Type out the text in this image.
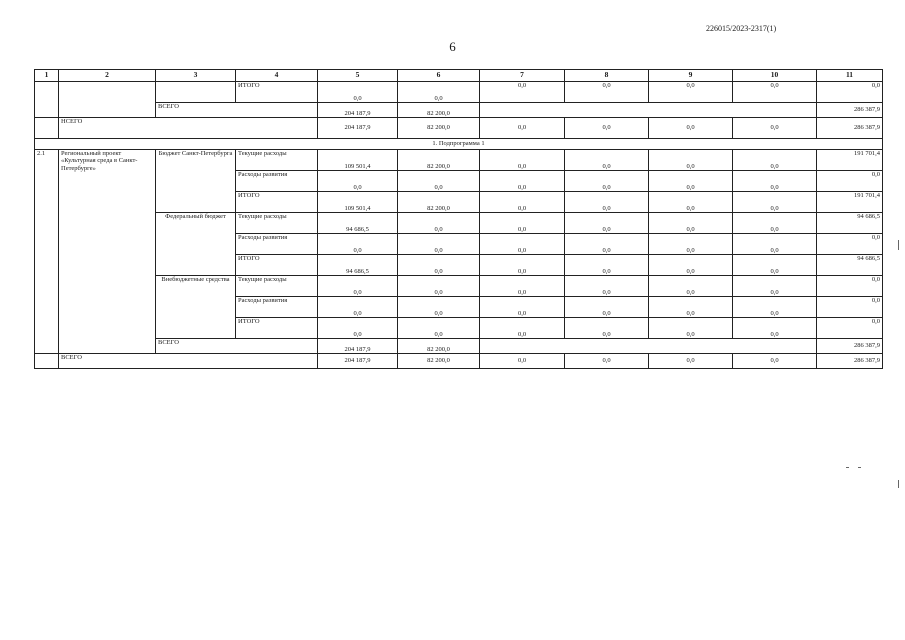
226015/2023-2317(1)
6
1	2	3	4	5	6	7	8	9	10	11
			ИТОГО	0,0	0,0	0,0	0,0	0,0	0,0	0,0
		ВСЕГО		204 187,9	82 200,0					286 387,9
	НСЕГО			204 187,9	82 200,0	0,0	0,0	0,0	0,0	286 387,9
1. Подпрограмма 1										
2.1	Региональный проект «Культурная среда в Санкт-Петербурге»	Бюджет Санкт-Петербурга	Текущие расходы	109 501,4	82 200,0	0,0	0,0	0,0	0,0	191 701,4
			Расходы развития	0,0	0,0	0,0	0,0	0,0	0,0	0,0
			ИТОГО	109 501,4	82 200,0	0,0	0,0	0,0	0,0	191 701,4
		Федеральный бюджет	Текущие расходы	94 686,5	0,0	0,0	0,0	0,0	0,0	94 686,5
			Расходы развития	0,0	0,0	0,0	0,0	0,0	0,0	0,0
			ИТОГО	94 686,5	0,0	0,0	0,0	0,0	0,0	94 686,5
		Внебюджетные средства	Текущие расходы	0,0	0,0	0,0	0,0	0,0	0,0	0,0
			Расходы развития	0,0	0,0	0,0	0,0	0,0	0,0	0,0
			ИТОГО	0,0	0,0	0,0	0,0	0,0	0,0	0,0
		ВСЕГО		204 187,9	82 200,0					286 387,9
	ВСЕГО			204 187,9	82 200,0	0,0	0,0	0,0	0,0	286 387,9
